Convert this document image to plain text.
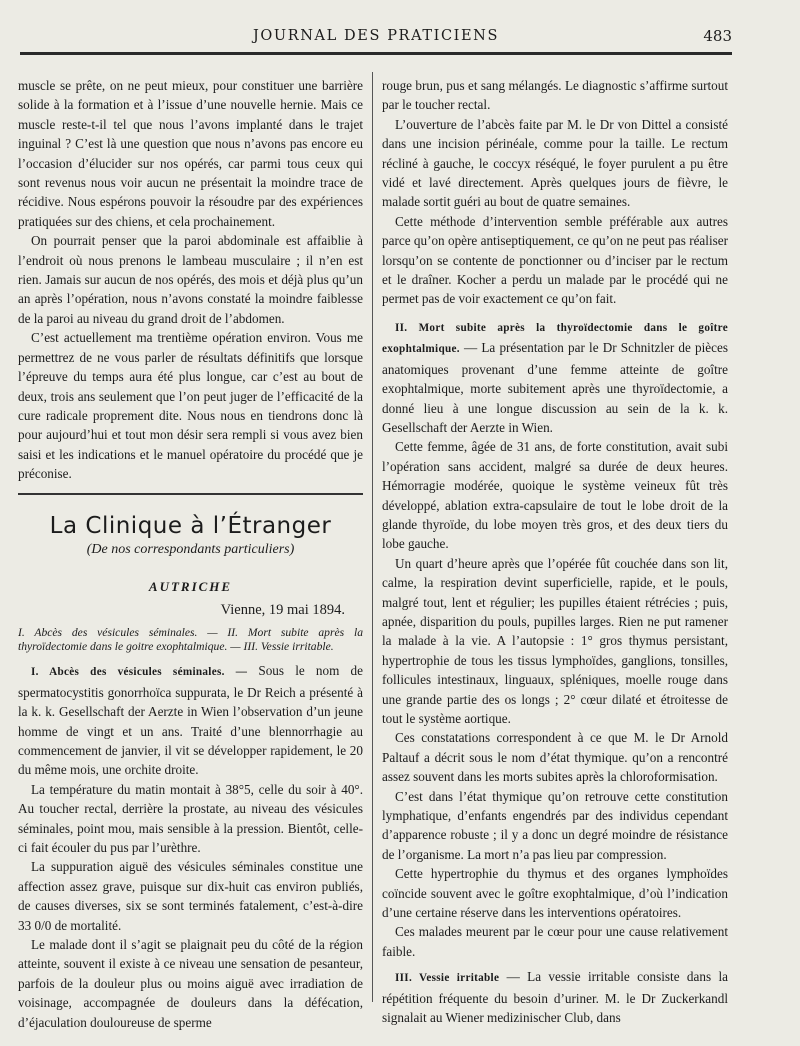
JOURNAL DES PRATICIENS	483

muscle se prête, on ne peut mieux, pour constituer une barrière solide à la formation et à l’issue d’une nouvelle hernie. Mais ce muscle reste-t-il tel que nous l’avons implanté dans le trajet inguinal ? C’est là une question que nous n’avons pas encore eu l’occasion d’élucider sur nos opérés, car parmi tous ceux qui sont revenus nous voir aucun ne présentait la moindre trace de récidive. Nous espérons pouvoir la résoudre par des expériences pratiquées sur des chiens, et cela prochainement.

On pourrait penser que la paroi abdominale est affaiblie à l’endroit où nous prenons le lambeau musculaire ; il n’en est rien. Jamais sur aucun de nos opérés, des mois et déjà plus qu’un an après l’opération, nous n’avons constaté la moindre faiblesse de la paroi au niveau du grand droit de l’abdomen.

C’est actuellement ma trentième opération environ. Vous me permettrez de ne vous parler de résultats définitifs que lorsque l’épreuve du temps aura été plus longue, car c’est au bout de deux, trois ans seulement que l’on peut juger de l’efficacité de la cure radicale proprement dite. Nous nous en tiendrons donc là pour aujourd’hui et tout mon désir sera rempli si vous avez bien saisi et les indications et le manuel opératoire du procédé que je préconise.

La Clinique à l’Étranger
(De nos correspondants particuliers)
AUTRICHE
Vienne, 19 mai 1894.

I. Abcès des vésicules séminales. — II. Mort subite après la thyroïdectomie dans le goitre exophtalmique. — III. Vessie irritable.

I. Abcès des vésicules séminales. — Sous le nom de spermatocystitis gonorrhoïca suppurata, le Dr Reich a présenté à la k. k. Gesellschaft der Aerzte in Wien l’observation d’un jeune homme de vingt et un ans. Traité d’une blennorrhagie au commencement de janvier, il vit se développer rapidement, le 20 du même mois, une orchite droite.

La température du matin montait à 38°5, celle du soir à 40°. Au toucher rectal, derrière la prostate, au niveau des vésicules séminales, point mou, mais sensible à la pression. Bientôt, celle-ci fait écouler du pus par l’urèthre.

La suppuration aiguë des vésicules séminales constitue une affection assez grave, puisque sur dix-huit cas environ publiés, de causes diverses, six se sont terminés fatalement, c’est-à-dire 33 0/0 de mortalité.

Le malade dont il s’agit se plaignait peu du côté de la région atteinte, souvent il existe à ce niveau une sensation de pesanteur, parfois de la douleur plus ou moins aiguë avec irradiation de voisinage, accompagnée de douleurs dans la défécation, d’éjaculation douloureuse de sperme

rouge brun, pus et sang mélangés. Le diagnostic s’affirme surtout par le toucher rectal.

L’ouverture de l’abcès faite par M. le Dr von Dittel a consisté dans une incision périnéale, comme pour la taille. Le rectum récliné à gauche, le coccyx réséqué, le foyer purulent a pu être vidé et lavé directement. Après quelques jours de fièvre, le malade sortit guéri au bout de quatre semaines.

Cette méthode d’intervention semble préférable aux autres parce qu’on opère antiseptiquement, ce qu’on ne peut pas réaliser lorsqu’on se contente de ponctionner ou d’inciser par le rectum et le draîner. Kocher a perdu un malade par le procédé qui ne permet pas de voir exactement ce qu’on fait.

II. Mort subite après la thyroïdectomie dans le goître exophtalmique. — La présentation par le Dr Schnitzler de pièces anatomiques provenant d’une femme atteinte de goître exophtalmique, morte subitement après une thyroïdectomie, a donné lieu à une longue discussion au sein de la k. k. Gesellschaft der Aerzte in Wien.

Cette femme, âgée de 31 ans, de forte constitution, avait subi l’opération sans accident, malgré sa durée de deux heures. Hémorragie modérée, quoique le système veineux fût très développé, ablation extra-capsulaire de tout le lobe droit de la glande thyroïde, du lobe moyen très gros, et des deux tiers du lobe gauche.

Un quart d’heure après que l’opérée fût couchée dans son lit, calme, la respiration devint superficielle, rapide, et le pouls, malgré tout, lent et régulier; les pupilles étaient rétrécies ; puis, apnée, disparition du pouls, pupilles larges. Rien ne put ramener la malade à la vie. A l’autopsie : 1° gros thymus persistant, hypertrophie de tous les tissus lymphoïdes, ganglions, tonsilles, follicules intestinaux, linguaux, spléniques, moelle rouge dans une grande partie des os longs ; 2° cœur dilaté et étroitesse de tout le système aortique.

Ces constatations correspondent à ce que M. le Dr Arnold Paltauf a décrit sous le nom d’état thymique. qu’on a rencontré assez souvent dans les morts subites après la chloroformisation.

C’est dans l’état thymique qu’on retrouve cette constitution lymphatique, d’enfants engendrés par des individus cependant d’apparence robuste ; il y a donc un degré moindre de résistance de l’organisme. La mort n’a pas lieu par compression.

Cette hypertrophie du thymus et des organes lymphoïdes coïncide souvent avec le goître exophtalmique, d’où l’indication d’une certaine réserve dans les interventions opératoires.

Ces malades meurent par le cœur pour une cause relativement faible.

III. Vessie irritable — La vessie irritable consiste dans la répétition fréquente du besoin d’uriner. M. le Dr Zuckerkandl signalait au Wiener medizinischer Club, dans
